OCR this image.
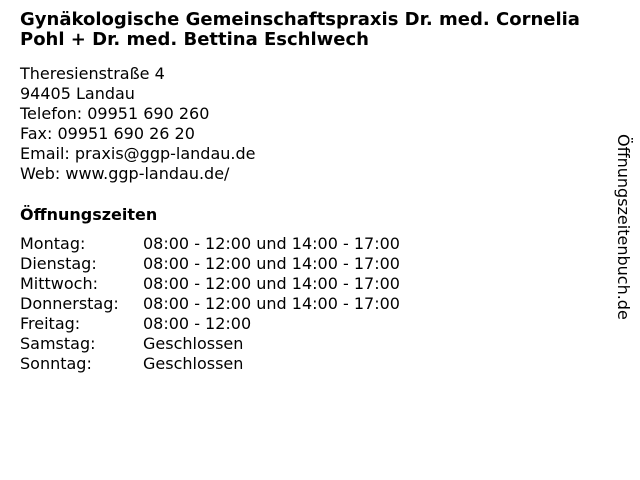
Gynäkologische Gemeinschaftspraxis Dr. med. Cornelia Pohl + Dr. med. Bettina Eschlwech
Theresienstraße 4
94405 Landau
Telefon: 09951 690 260
Fax: 09951 690 26 20
Email: praxis@ggp-landau.de
Web: www.ggp-landau.de/
Öffnungszeiten
Montag:	08:00 - 12:00 und 14:00 - 17:00
Dienstag:	08:00 - 12:00 und 14:00 - 17:00
Mittwoch:	08:00 - 12:00 und 14:00 - 17:00
Donnerstag:	08:00 - 12:00 und 14:00 - 17:00
Freitag:	08:00 - 12:00
Samstag:	Geschlossen
Sonntag:	Geschlossen
Öffnungszeitenbuch.de
